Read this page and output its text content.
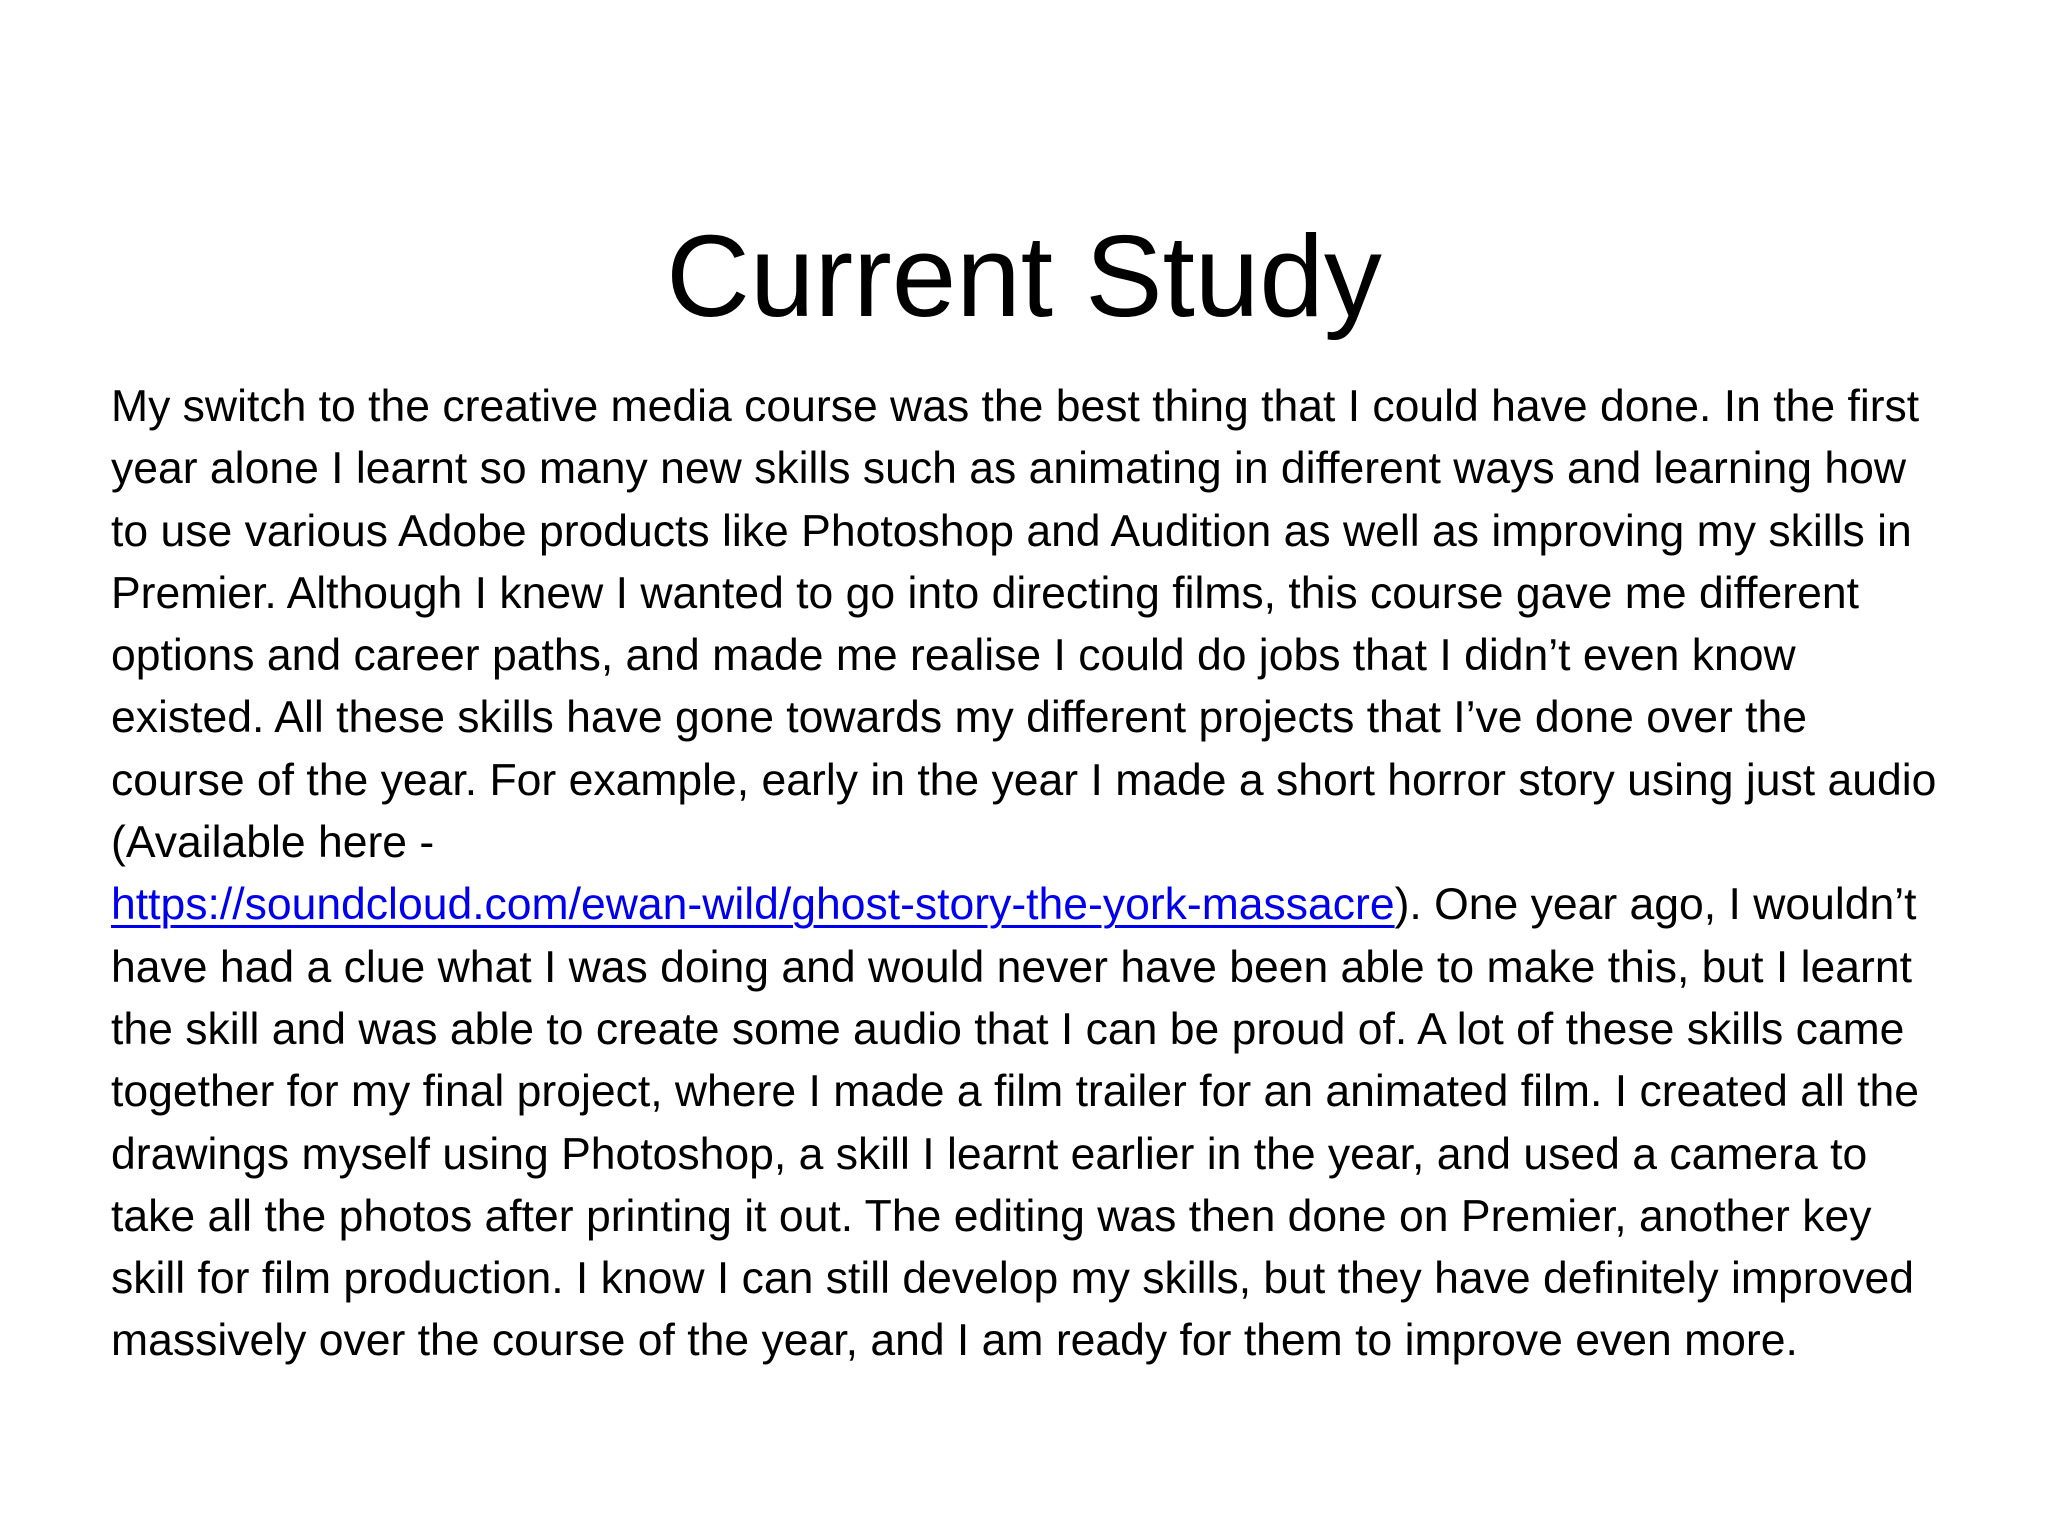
Current Study

My switch to the creative media course was the best thing that I could have done. In the first year alone I learnt so many new skills such as animating in different ways and learning how to use various Adobe products like Photoshop and Audition as well as improving my skills in Premier. Although I knew I wanted to go into directing films, this course gave me different options and career paths, and made me realise I could do jobs that I didn’t even know existed. All these skills have gone towards my different projects that I’ve done over the course of the year. For example, early in the year I made a short horror story using just audio (Available here -
https://soundcloud.com/ewan-wild/ghost-story-the-york-massacre). One year ago, I wouldn’t have had a clue what I was doing and would never have been able to make this, but I learnt the skill and was able to create some audio that I can be proud of. A lot of these skills came together for my final project, where I made a film trailer for an animated film. I created all the drawings myself using Photoshop, a skill I learnt earlier in the year, and used a camera to take all the photos after printing it out. The editing was then done on Premier, another key skill for film production. I know I can still develop my skills, but they have definitely improved massively over the course of the year, and I am ready for them to improve even more.
